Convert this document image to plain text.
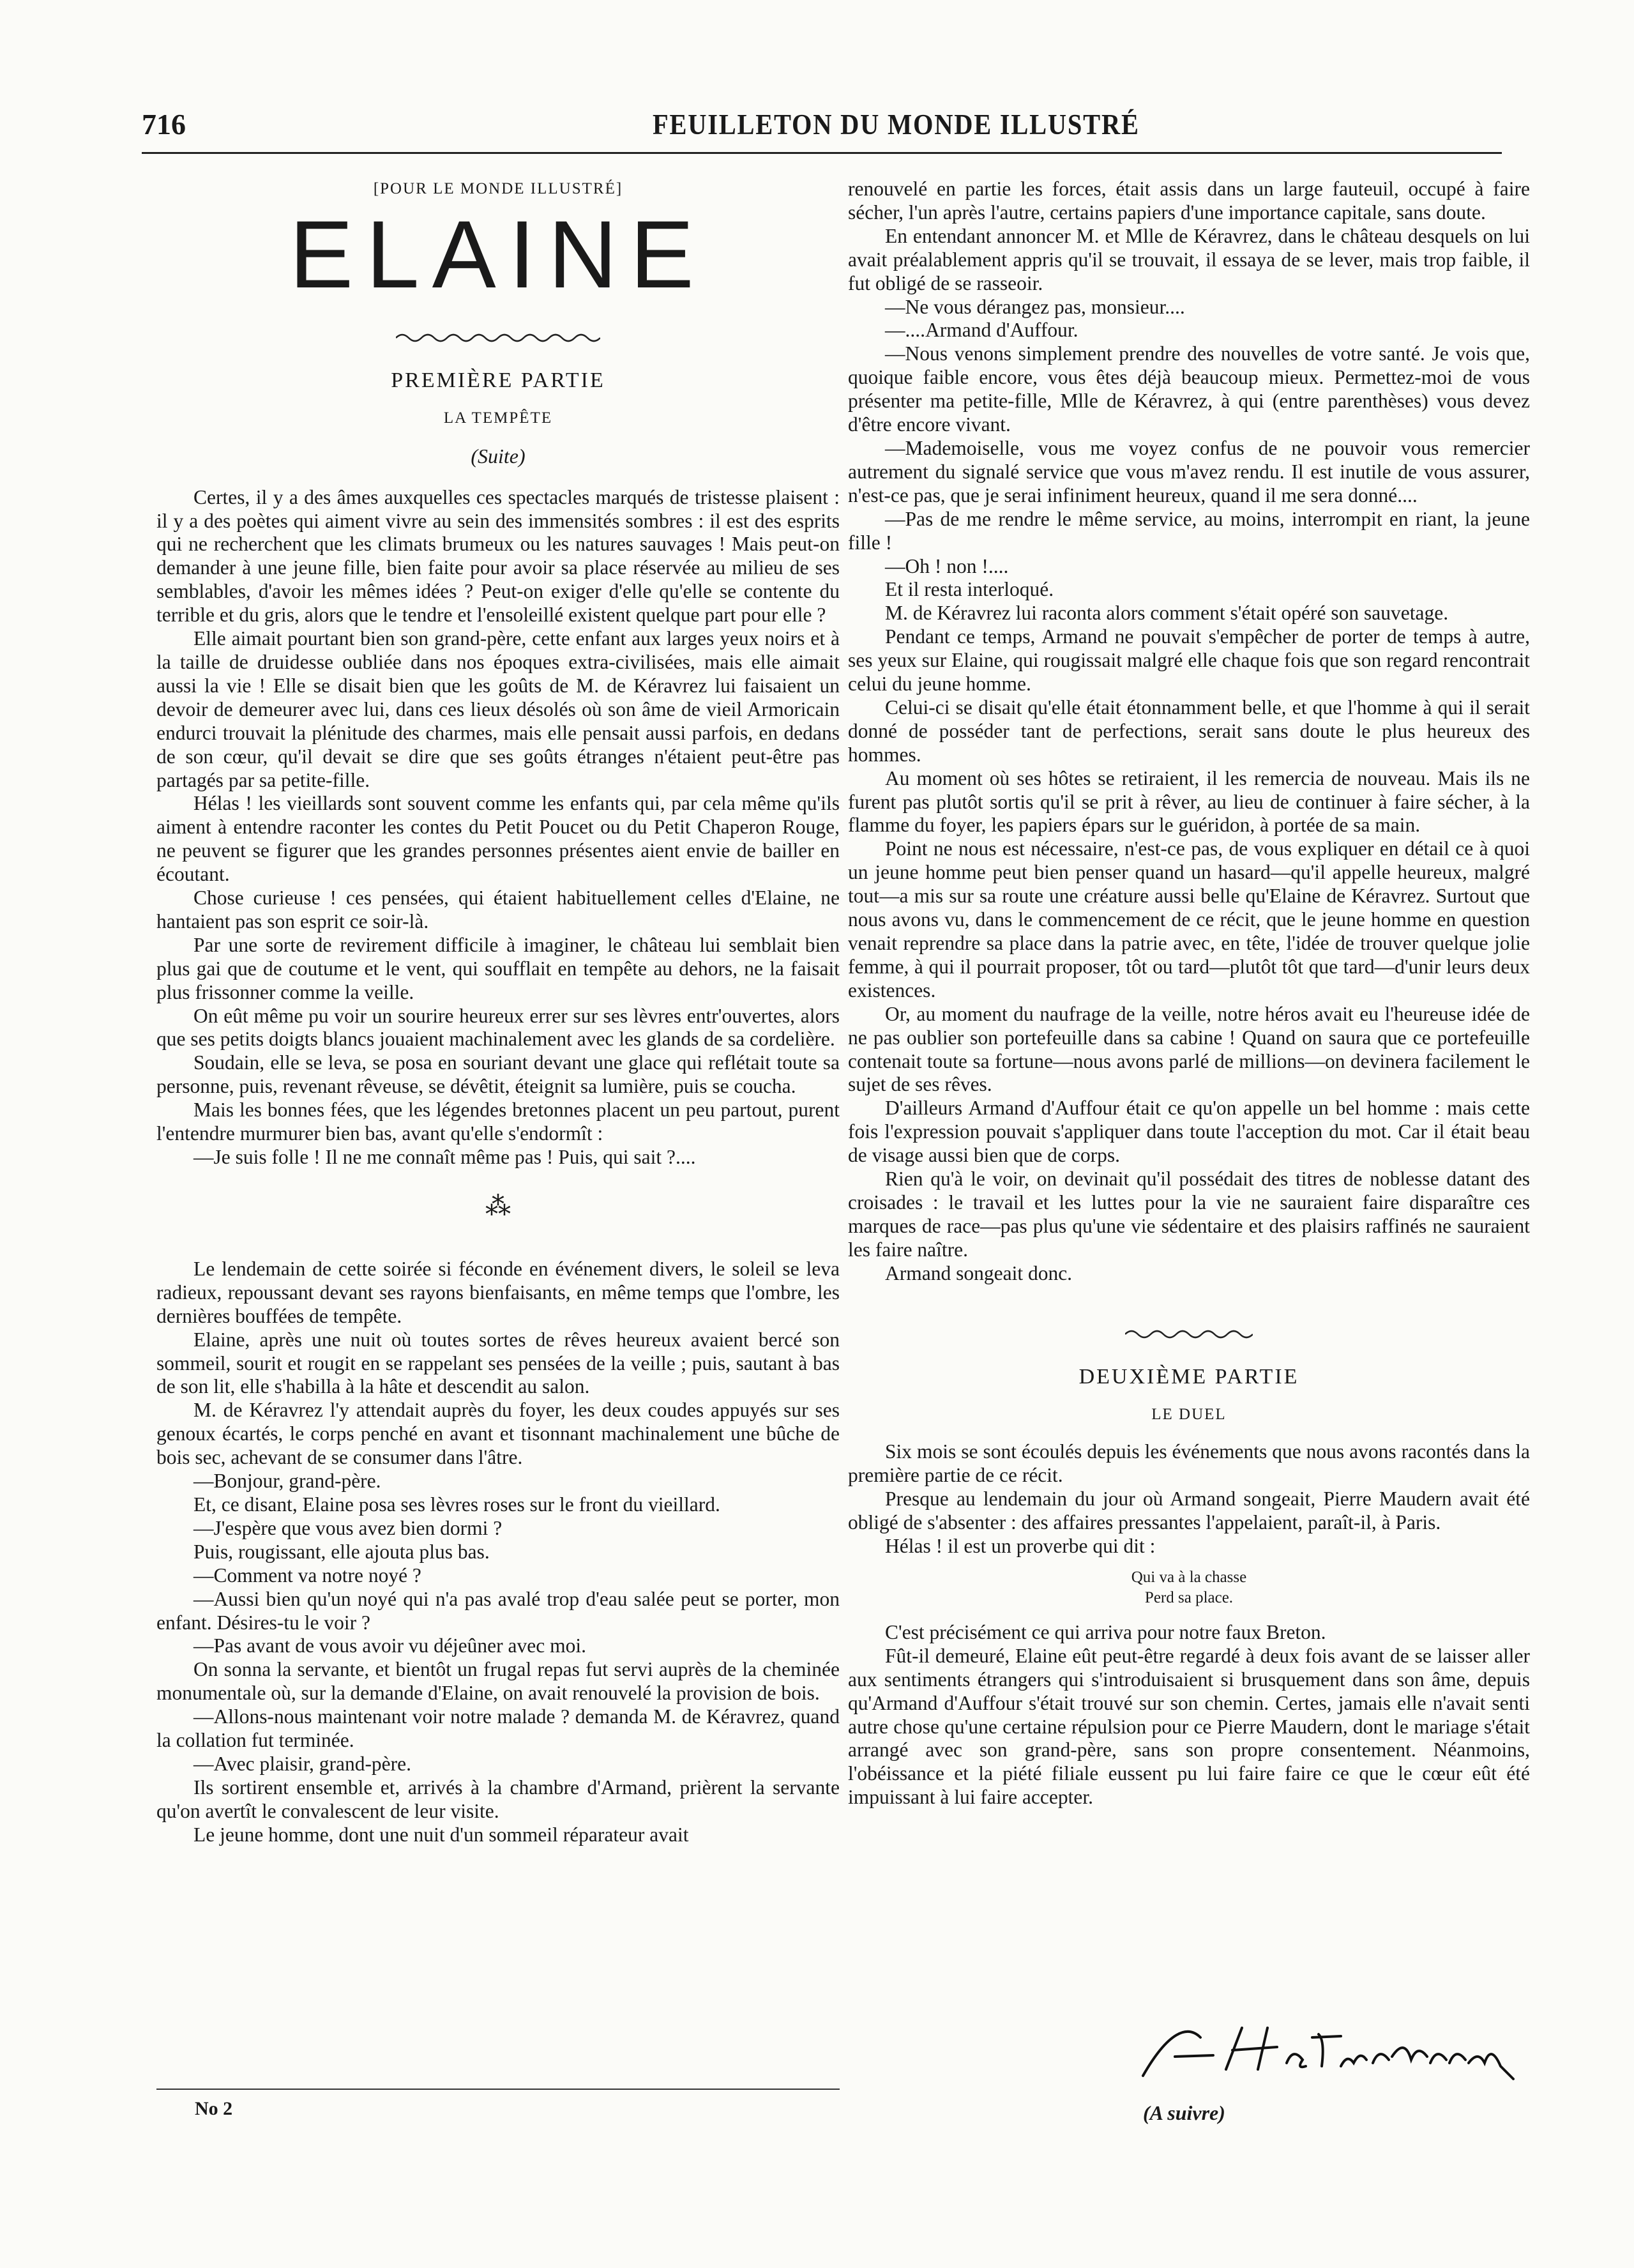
716	FEUILLETON DU MONDE ILLUSTRÉ
[POUR LE MONDE ILLUSTRÉ]
ELAINE
PREMIÈRE PARTIE
LA TEMPÊTE
(Suite)

Certes, il y a des âmes auxquelles ces spectacles marqués de tristesse plaisent : il y a des poètes qui aiment vivre au sein des immensités sombres : il est des esprits qui ne recherchent que les climats brumeux ou les natures sauvages ! Mais peut-on demander à une jeune fille, bien faite pour avoir sa place réservée au milieu de ses semblables, d'avoir les mêmes idées ? Peut-on exiger d'elle qu'elle se contente du terrible et du gris, alors que le tendre et l'ensoleillé existent quelque part pour elle ?

Elle aimait pourtant bien son grand-père, cette enfant aux larges yeux noirs et à la taille de druidesse oubliée dans nos époques extra-civilisées, mais elle aimait aussi la vie ! Elle se disait bien que les goûts de M. de Kéravrez lui faisaient un devoir de demeurer avec lui, dans ces lieux désolés où son âme de vieil Armoricain endurci trouvait la plénitude des charmes, mais elle pensait aussi parfois, en dedans de son cœur, qu'il devait se dire que ses goûts étranges n'étaient peut-être pas partagés par sa petite-fille.

Hélas ! les vieillards sont souvent comme les enfants qui, par cela même qu'ils aiment à entendre raconter les contes du Petit Poucet ou du Petit Chaperon Rouge, ne peuvent se figurer que les grandes personnes présentes aient envie de bailler en écoutant.

Chose curieuse ! ces pensées, qui étaient habituellement celles d'Elaine, ne hantaient pas son esprit ce soir-là.

Par une sorte de revirement difficile à imaginer, le château lui semblait bien plus gai que de coutume et le vent, qui soufflait en tempête au dehors, ne la faisait plus frissonner comme la veille.

On eût même pu voir un sourire heureux errer sur ses lèvres entr'ouvertes, alors que ses petits doigts blancs jouaient machinalement avec les glands de sa cordelière.

Soudain, elle se leva, se posa en souriant devant une glace qui reflétait toute sa personne, puis, revenant rêveuse, se dévêtit, éteignit sa lumière, puis se coucha.

Mais les bonnes fées, que les légendes bretonnes placent un peu partout, purent l'entendre murmurer bien bas, avant qu'elle s'endormît :

—Je suis folle ! Il ne me connaît même pas ! Puis, qui sait ?....

⁂

Le lendemain de cette soirée si féconde en événement divers, le soleil se leva radieux, repoussant devant ses rayons bienfaisants, en même temps que l'ombre, les dernières bouffées de tempête.

Elaine, après une nuit où toutes sortes de rêves heureux avaient bercé son sommeil, sourit et rougit en se rappelant ses pensées de la veille ; puis, sautant à bas de son lit, elle s'habilla à la hâte et descendit au salon.

M. de Kéravrez l'y attendait auprès du foyer, les deux coudes appuyés sur ses genoux écartés, le corps penché en avant et tisonnant machinalement une bûche de bois sec, achevant de se consumer dans l'âtre.

—Bonjour, grand-père.

Et, ce disant, Elaine posa ses lèvres roses sur le front du vieillard.

—J'espère que vous avez bien dormi ?

Puis, rougissant, elle ajouta plus bas.

—Comment va notre noyé ?

—Aussi bien qu'un noyé qui n'a pas avalé trop d'eau salée peut se porter, mon enfant. Désires-tu le voir ?

—Pas avant de vous avoir vu déjeûner avec moi.

On sonna la servante, et bientôt un frugal repas fut servi auprès de la cheminée monumentale où, sur la demande d'Elaine, on avait renouvelé la provision de bois.

—Allons-nous maintenant voir notre malade ? demanda M. de Kéravrez, quand la collation fut terminée.

—Avec plaisir, grand-père.

Ils sortirent ensemble et, arrivés à la chambre d'Armand, prièrent la servante qu'on avertît le convalescent de leur visite.

Le jeune homme, dont une nuit d'un sommeil réparateur avait

renouvelé en partie les forces, était assis dans un large fauteuil, occupé à faire sécher, l'un après l'autre, certains papiers d'une importance capitale, sans doute.

En entendant annoncer M. et Mlle de Kéravrez, dans le château desquels on lui avait préalablement appris qu'il se trouvait, il essaya de se lever, mais trop faible, il fut obligé de se rasseoir.

—Ne vous dérangez pas, monsieur....

—....Armand d'Auffour.

—Nous venons simplement prendre des nouvelles de votre santé. Je vois que, quoique faible encore, vous êtes déjà beaucoup mieux. Permettez-moi de vous présenter ma petite-fille, Mlle de Kéravrez, à qui (entre parenthèses) vous devez d'être encore vivant.

—Mademoiselle, vous me voyez confus de ne pouvoir vous remercier autrement du signalé service que vous m'avez rendu. Il est inutile de vous assurer, n'est-ce pas, que je serai infiniment heureux, quand il me sera donné....

—Pas de me rendre le même service, au moins, interrompit en riant, la jeune fille !

—Oh ! non !....

Et il resta interloqué.

M. de Kéravrez lui raconta alors comment s'était opéré son sauvetage.

Pendant ce temps, Armand ne pouvait s'empêcher de porter de temps à autre, ses yeux sur Elaine, qui rougissait malgré elle chaque fois que son regard rencontrait celui du jeune homme.

Celui-ci se disait qu'elle était étonnamment belle, et que l'homme à qui il serait donné de posséder tant de perfections, serait sans doute le plus heureux des hommes.

Au moment où ses hôtes se retiraient, il les remercia de nouveau. Mais ils ne furent pas plutôt sortis qu'il se prit à rêver, au lieu de continuer à faire sécher, à la flamme du foyer, les papiers épars sur le guéridon, à portée de sa main.

Point ne nous est nécessaire, n'est-ce pas, de vous expliquer en détail ce à quoi un jeune homme peut bien penser quand un hasard—qu'il appelle heureux, malgré tout—a mis sur sa route une créature aussi belle qu'Elaine de Kéravrez. Surtout que nous avons vu, dans le commencement de ce récit, que le jeune homme en question venait reprendre sa place dans la patrie avec, en tête, l'idée de trouver quelque jolie femme, à qui il pourrait proposer, tôt ou tard—plutôt tôt que tard—d'unir leurs deux existences.

Or, au moment du naufrage de la veille, notre héros avait eu l'heureuse idée de ne pas oublier son portefeuille dans sa cabine ! Quand on saura que ce portefeuille contenait toute sa fortune—nous avons parlé de millions—on devinera facilement le sujet de ses rêves.

D'ailleurs Armand d'Auffour était ce qu'on appelle un bel homme : mais cette fois l'expression pouvait s'appliquer dans toute l'acception du mot. Car il était beau de visage aussi bien que de corps.

Rien qu'à le voir, on devinait qu'il possédait des titres de noblesse datant des croisades : le travail et les luttes pour la vie ne sauraient faire disparaître ces marques de race—pas plus qu'une vie sédentaire et des plaisirs raffinés ne sauraient les faire naître.

Armand songeait donc.

DEUXIÈME PARTIE
LE DUEL

Six mois se sont écoulés depuis les événements que nous avons racontés dans la première partie de ce récit.

Presque au lendemain du jour où Armand songeait, Pierre Maudern avait été obligé de s'absenter : des affaires pressantes l'appelaient, paraît-il, à Paris.

Hélas ! il est un proverbe qui dit :

Qui va à la chasse
Perd sa place.

C'est précisément ce qui arriva pour notre faux Breton.

Fût-il demeuré, Elaine eût peut-être regardé à deux fois avant de se laisser aller aux sentiments étrangers qui s'introduisaient si brusquement dans son âme, depuis qu'Armand d'Auffour s'était trouvé sur son chemin. Certes, jamais elle n'avait senti autre chose qu'une certaine répulsion pour ce Pierre Maudern, dont le mariage s'était arrangé avec son grand-père, sans son propre consentement. Néanmoins, l'obéissance et la piété filiale eussent pu lui faire faire ce que le cœur eût été impuissant à lui faire accepter.

(A suivre)
No 2
